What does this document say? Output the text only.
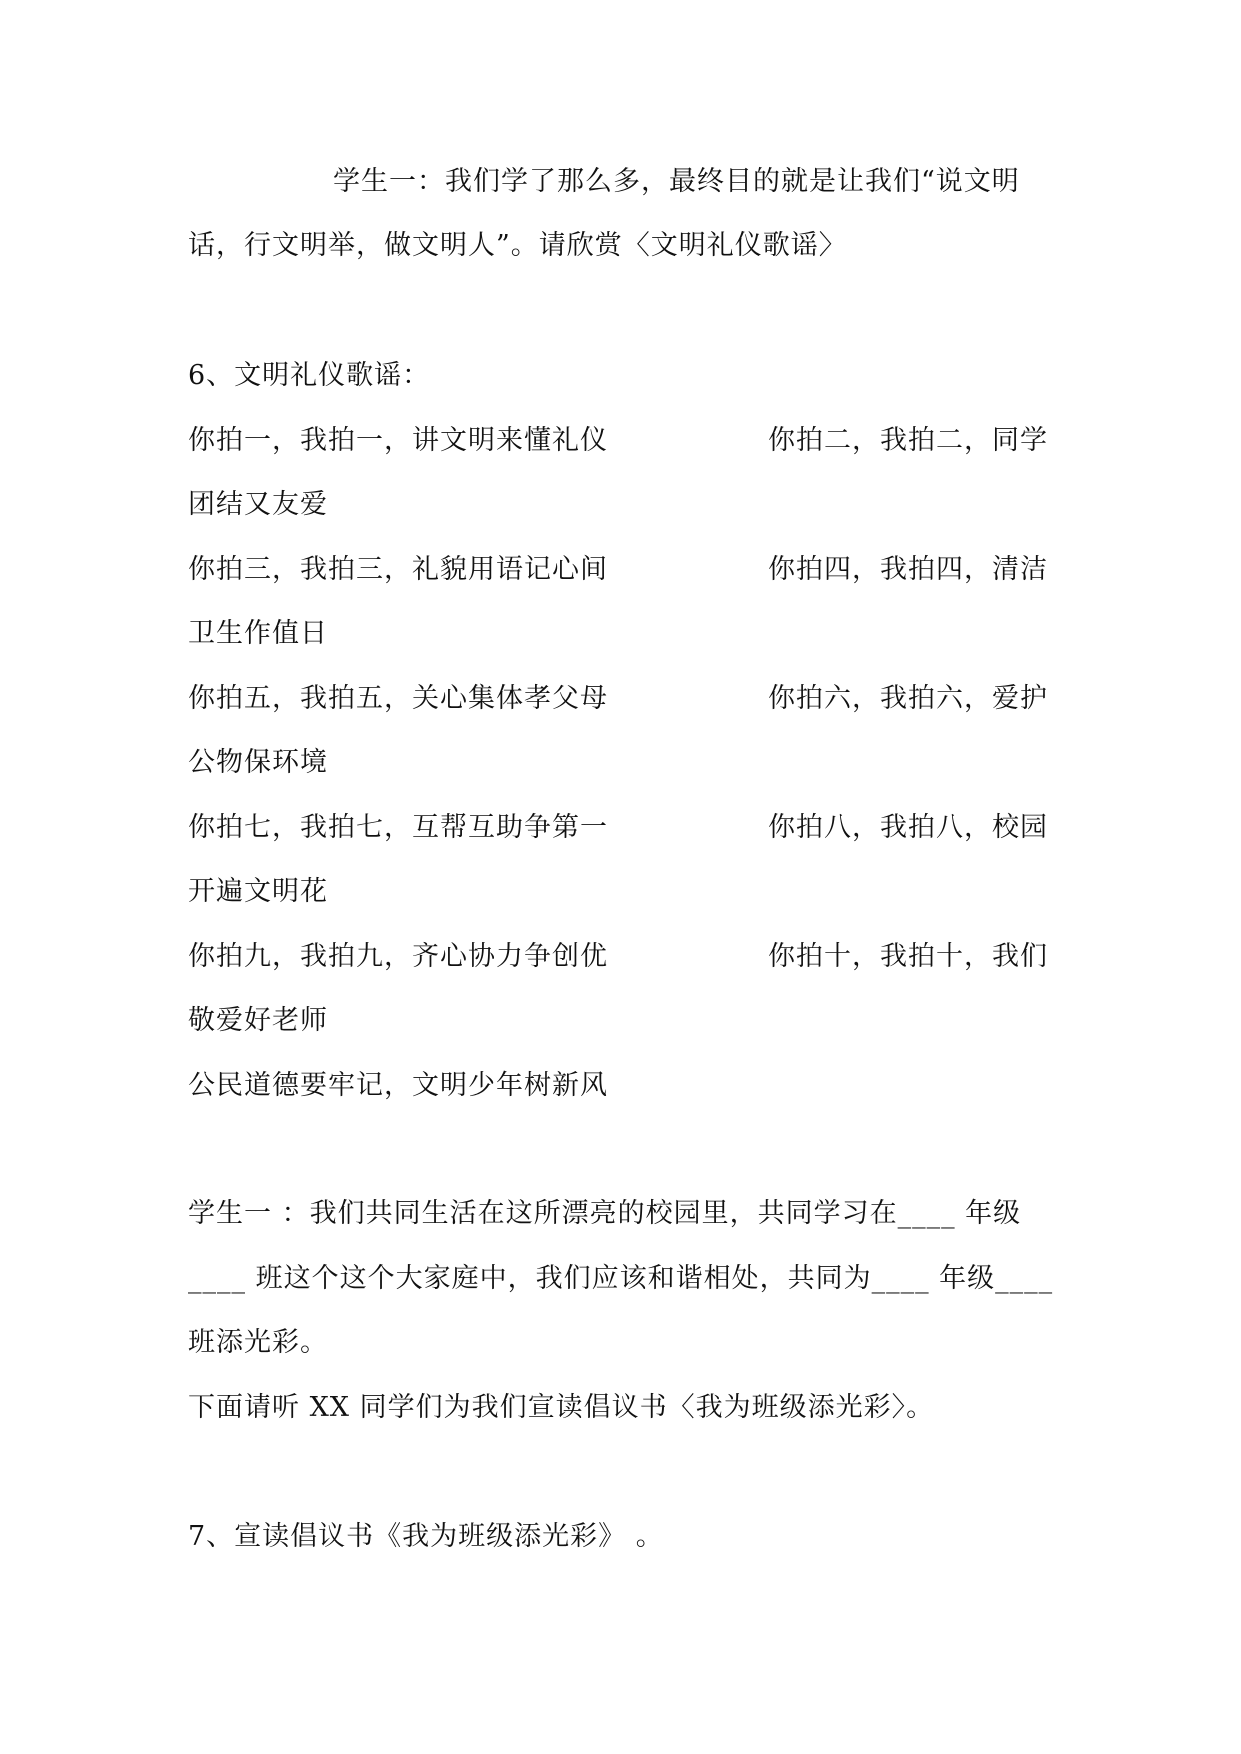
学生一：我们学了那么多，最终目的就是让我们“说文明
话，行文明举，做文明人”。请欣赏〈文明礼仪歌谣〉
6、文明礼仪歌谣：
你拍一，我拍一，讲文明来懂礼仪	你拍二，我拍二，同学
团结又友爱
你拍三，我拍三，礼貌用语记心间	你拍四，我拍四，清洁
卫生作值日
你拍五，我拍五，关心集体孝父母	你拍六，我拍六，爱护
公物保环境
你拍七，我拍七，互帮互助争第一	你拍八，我拍八，校园
开遍文明花
你拍九，我拍九，齐心协力争创优	你拍十，我拍十，我们
敬爱好老师
公民道德要牢记，文明少年树新风
学生一 ：我们共同生活在这所漂亮的校园里，共同学习在____ 年级
____ 班这个这个大家庭中，我们应该和谐相处，共同为____ 年级____
班添光彩。
下面请听 XX 同学们为我们宣读倡议书〈我为班级添光彩〉。
7、宣读倡议书《我为班级添光彩》 。
